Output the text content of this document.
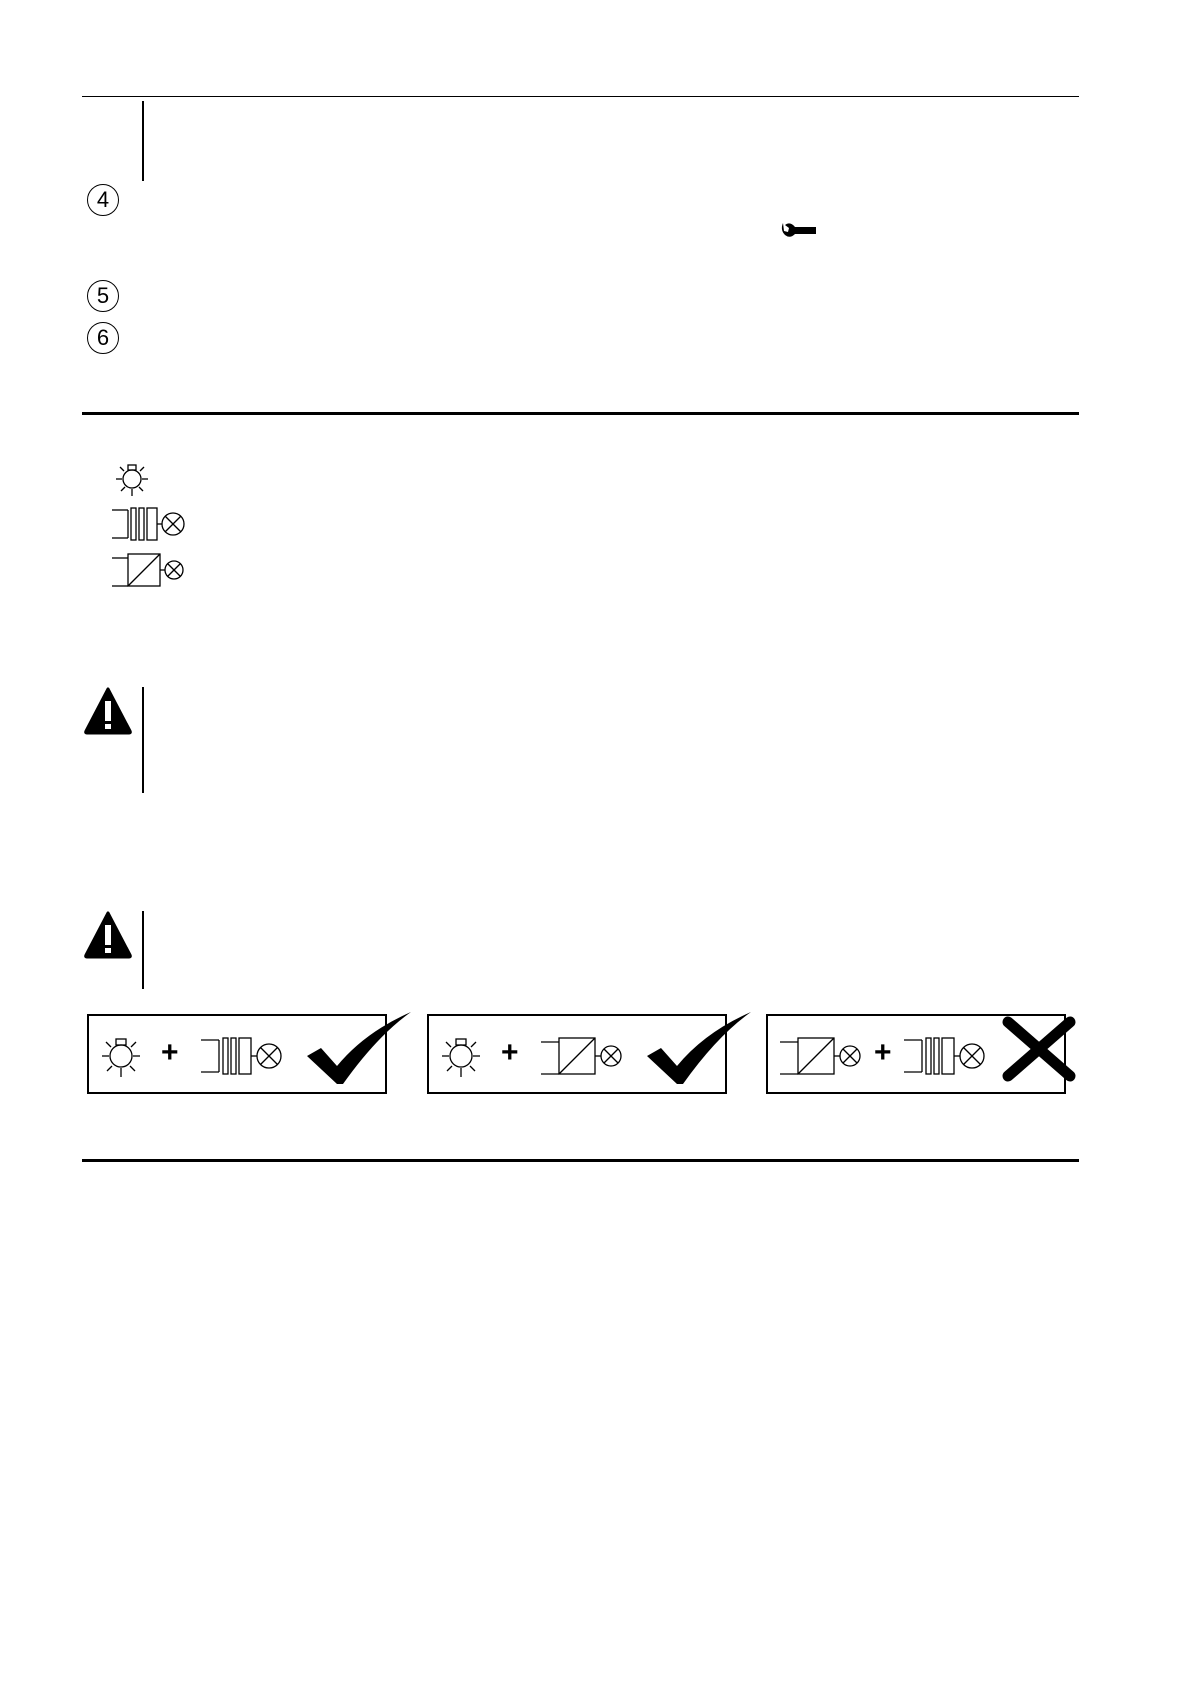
4
5
6
+	+	+
